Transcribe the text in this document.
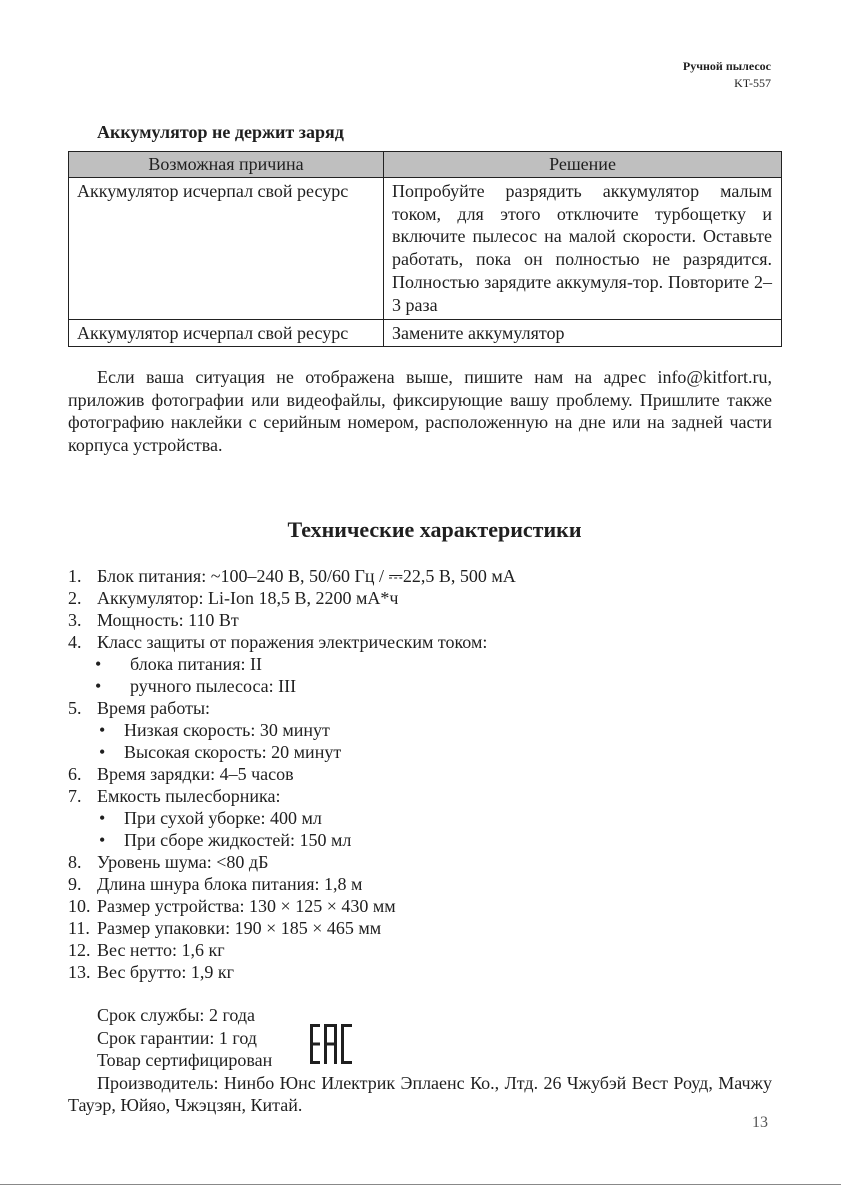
Ручной пылесос
KT-557
Аккумулятор не держит заряд
Возможная причина	Решение
Аккумулятор исчерпал свой ресурс	Попробуйте разрядить аккумулятор малым током, для этого отключите турбощетку и включите пылесос на малой скорости. Оставьте работать, пока он полностью не разрядится. Полностью зарядите аккумуля-тор. Повторите 2–3 раза
Аккумулятор исчерпал свой ресурс	Замените аккумулятор

Если ваша ситуация не отображена выше, пишите нам на адрес info@kitfort.ru, приложив фотографии или видеофайлы, фиксирующие вашу проблему. Пришлите также фотографию наклейки с серийным номером, расположенную на дне или на задней части корпуса устройства.

Технические характеристики
1. Блок питания: ~100–240 В, 50/60 Гц / ⎓22,5 В, 500 мА
2. Аккумулятор: Li-Ion 18,5 В, 2200 мА*ч
3. Мощность: 110 Вт
4. Класс защиты от поражения электрическим током:
• блока питания: II
• ручного пылесоса: III
5. Время работы:
• Низкая скорость: 30 минут
• Высокая скорость: 20 минут
6. Время зарядки: 4–5 часов
7. Емкость пылесборника:
• При сухой уборке: 400 мл
• При сборе жидкостей: 150 мл
8. Уровень шума: <80 дБ
9. Длина шнура блока питания: 1,8 м
10. Размер устройства: 130 × 125 × 430 мм
11. Размер упаковки: 190 × 185 × 465 мм
12. Вес нетто: 1,6 кг
13. Вес брутто: 1,9 кг
Срок службы: 2 года
Срок гарантии: 1 год
Товар сертифицирован

Производитель: Нинбо Юнс Илектрик Эплаенс Ко., Лтд. 26 Чжубэй Вест Роуд, Мачжу Тауэр, Юйяо, Чжэцзян, Китай.

13
